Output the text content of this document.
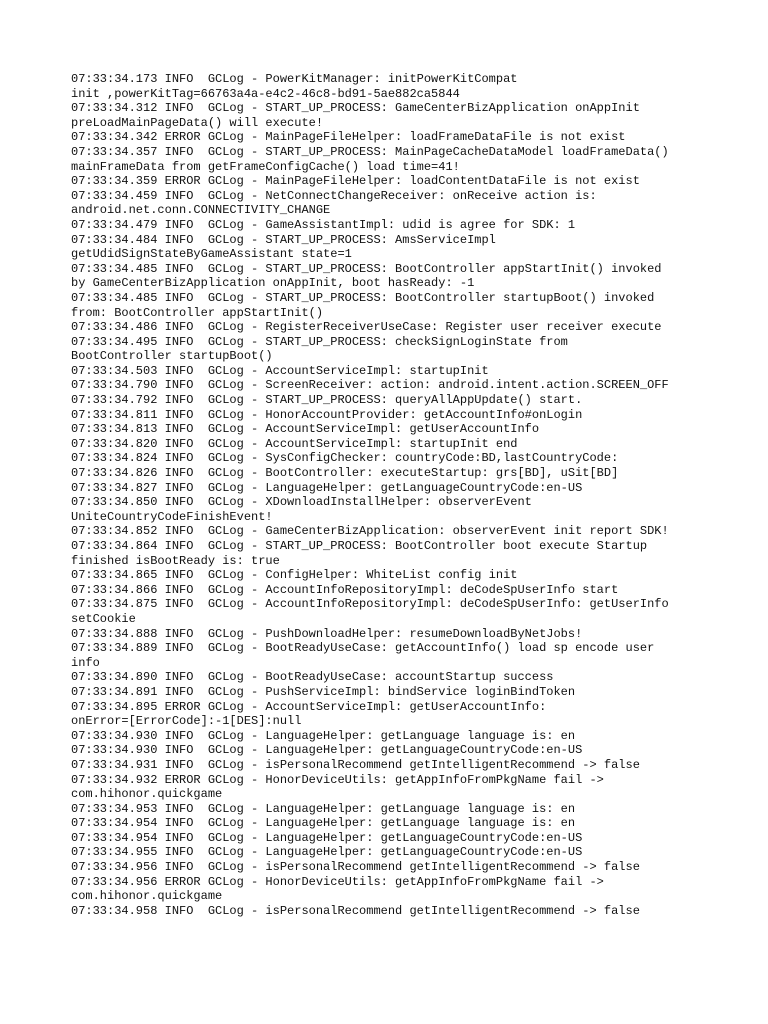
07:33:34.173 INFO  GCLog - PowerKitManager: initPowerKitCompat

init ,powerKitTag=66763a4a-e4c2-46c8-bd91-5ae882ca5844

07:33:34.312 INFO  GCLog - START_UP_PROCESS: GameCenterBizApplication onAppInit

preLoadMainPageData() will execute!

07:33:34.342 ERROR GCLog - MainPageFileHelper: loadFrameDataFile is not exist

07:33:34.357 INFO  GCLog - START_UP_PROCESS: MainPageCacheDataModel loadFrameData()

mainFrameData from getFrameConfigCache() load time=41!

07:33:34.359 ERROR GCLog - MainPageFileHelper: loadContentDataFile is not exist

07:33:34.459 INFO  GCLog - NetConnectChangeReceiver: onReceive action is:

android.net.conn.CONNECTIVITY_CHANGE

07:33:34.479 INFO  GCLog - GameAssistantImpl: udid is agree for SDK: 1

07:33:34.484 INFO  GCLog - START_UP_PROCESS: AmsServiceImpl

getUdidSignStateByGameAssistant state=1

07:33:34.485 INFO  GCLog - START_UP_PROCESS: BootController appStartInit() invoked

by GameCenterBizApplication onAppInit, boot hasReady: -1

07:33:34.485 INFO  GCLog - START_UP_PROCESS: BootController startupBoot() invoked

from: BootController appStartInit()

07:33:34.486 INFO  GCLog - RegisterReceiverUseCase: Register user receiver execute

07:33:34.495 INFO  GCLog - START_UP_PROCESS: checkSignLoginState from

BootController startupBoot()

07:33:34.503 INFO  GCLog - AccountServiceImpl: startupInit

07:33:34.790 INFO  GCLog - ScreenReceiver: action: android.intent.action.SCREEN_OFF

07:33:34.792 INFO  GCLog - START_UP_PROCESS: queryAllAppUpdate() start.

07:33:34.811 INFO  GCLog - HonorAccountProvider: getAccountInfo#onLogin

07:33:34.813 INFO  GCLog - AccountServiceImpl: getUserAccountInfo

07:33:34.820 INFO  GCLog - AccountServiceImpl: startupInit end

07:33:34.824 INFO  GCLog - SysConfigChecker: countryCode:BD,lastCountryCode:

07:33:34.826 INFO  GCLog - BootController: executeStartup: grs[BD], uSit[BD]

07:33:34.827 INFO  GCLog - LanguageHelper: getLanguageCountryCode:en-US

07:33:34.850 INFO  GCLog - XDownloadInstallHelper: observerEvent

UniteCountryCodeFinishEvent!

07:33:34.852 INFO  GCLog - GameCenterBizApplication: observerEvent init report SDK!

07:33:34.864 INFO  GCLog - START_UP_PROCESS: BootController boot execute Startup

finished isBootReady is: true

07:33:34.865 INFO  GCLog - ConfigHelper: WhiteList config init

07:33:34.866 INFO  GCLog - AccountInfoRepositoryImpl: deCodeSpUserInfo start

07:33:34.875 INFO  GCLog - AccountInfoRepositoryImpl: deCodeSpUserInfo: getUserInfo

setCookie

07:33:34.888 INFO  GCLog - PushDownloadHelper: resumeDownloadByNetJobs!

07:33:34.889 INFO  GCLog - BootReadyUseCase: getAccountInfo() load sp encode user

info

07:33:34.890 INFO  GCLog - BootReadyUseCase: accountStartup success

07:33:34.891 INFO  GCLog - PushServiceImpl: bindService loginBindToken

07:33:34.895 ERROR GCLog - AccountServiceImpl: getUserAccountInfo:

onError=[ErrorCode]:-1[DES]:null

07:33:34.930 INFO  GCLog - LanguageHelper: getLanguage language is: en

07:33:34.930 INFO  GCLog - LanguageHelper: getLanguageCountryCode:en-US

07:33:34.931 INFO  GCLog - isPersonalRecommend getIntelligentRecommend -> false

07:33:34.932 ERROR GCLog - HonorDeviceUtils: getAppInfoFromPkgName fail ->

com.hihonor.quickgame

07:33:34.953 INFO  GCLog - LanguageHelper: getLanguage language is: en

07:33:34.954 INFO  GCLog - LanguageHelper: getLanguage language is: en

07:33:34.954 INFO  GCLog - LanguageHelper: getLanguageCountryCode:en-US

07:33:34.955 INFO  GCLog - LanguageHelper: getLanguageCountryCode:en-US

07:33:34.956 INFO  GCLog - isPersonalRecommend getIntelligentRecommend -> false

07:33:34.956 ERROR GCLog - HonorDeviceUtils: getAppInfoFromPkgName fail ->

com.hihonor.quickgame

07:33:34.958 INFO  GCLog - isPersonalRecommend getIntelligentRecommend -> false
